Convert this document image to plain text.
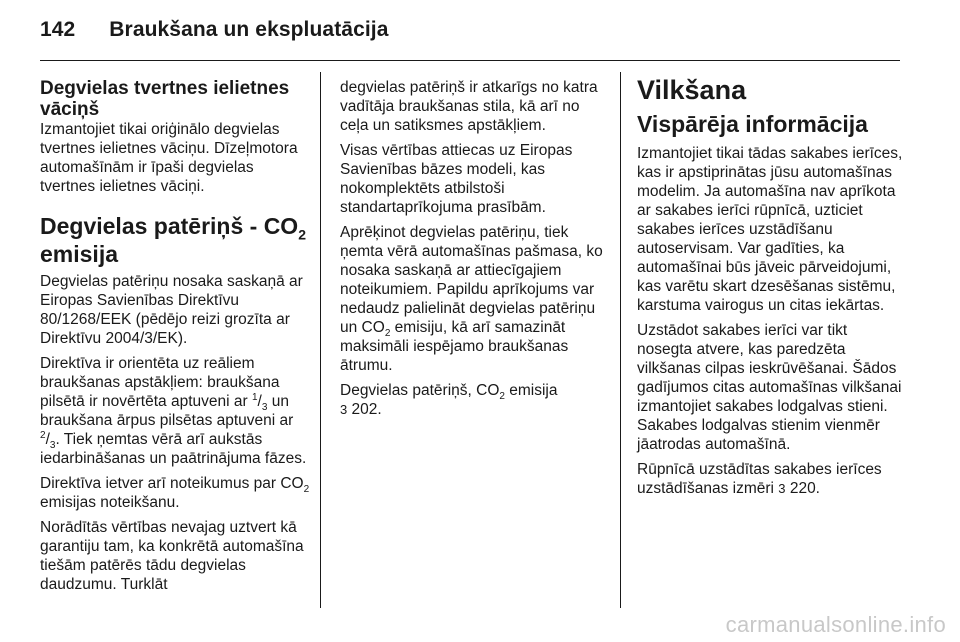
142 Braukšana un ekspluatācija
Degvielas tvertnes ielietnes vāciņš

Izmantojiet tikai oriģinālo degvielas tvertnes ielietnes vāciņu. Dīzeļmotora automašīnām ir īpaši degvielas tvertnes ielietnes vāciņi.

Degvielas patēriņš - $CO_2$
emisija

Degvielas patēriņu nosaka saskaņā ar Eiropas Savienības Direktīvu 80/1268/EEK (pēdējo reizi grozīta ar Direktīvu 2004/3/EK).

Direktīva ir orientēta uz reāliem braukšanas apstākļiem: braukšana pilsētā ir novērtēta aptuveni ar $^1/_3$ un braukšana ārpus pilsētas aptuveni ar $^2/_3$. Tiek ņemtas vērā arī aukstās iedarbināšanas un paātrinājuma fāzes.

Direktīva ietver arī noteikumus par $CO_2$ emisijas noteikšanu.

Norādītās vērtības nevajag uztvert kā garantiju tam, ka konkrētā automašīna tiešām patērēs tādu degvielas daudzumu. Turklāt

degvielas patēriņš ir atkarīgs no katra vadītāja braukšanas stila, kā arī no ceļa un satiksmes apstākļiem.

Visas vērtības attiecas uz Eiropas Savienības bāzes modeli, kas nokomplektēts atbilstoši standartaprīkojuma prasībām.

Aprēķinot degvielas patēriņu, tiek ņemta vērā automašīnas pašmasa, ko nosaka saskaņā ar attiecīgajiem noteikumiem. Papildu aprīkojums var nedaudz palielināt degvielas patēriņu un $CO_2$ emisiju, kā arī samazināt maksimāli iespējamo braukšanas ātrumu.

Degvielas patēriņš, $CO_2$ emisija
3 202.

Vilkšana
Vispārēja informācija

Izmantojiet tikai tādas sakabes ierīces, kas ir apstiprinātas jūsu automašīnas modelim. Ja automašīna nav aprīkota ar sakabes ierīci rūpnīcā, uzticiet sakabes ierīces uzstādīšanu autoservisam. Var gadīties, ka automašīnai būs jāveic pārveidojumi, kas varētu skart dzesēšanas sistēmu, karstuma vairogus un citas iekārtas.

Uzstādot sakabes ierīci var tikt nosegta atvere, kas paredzēta vilkšanas cilpas ieskrūvēšanai. Šādos gadījumos citas automašīnas vilkšanai izmantojiet sakabes lodgalvas stieni. Sakabes lodgalvas stienim vienmēr jāatrodas automašīnā.

Rūpnīcā uzstādītas sakabes ierīces uzstādīšanas izmēri 3 220.

carmanualsonline.info
